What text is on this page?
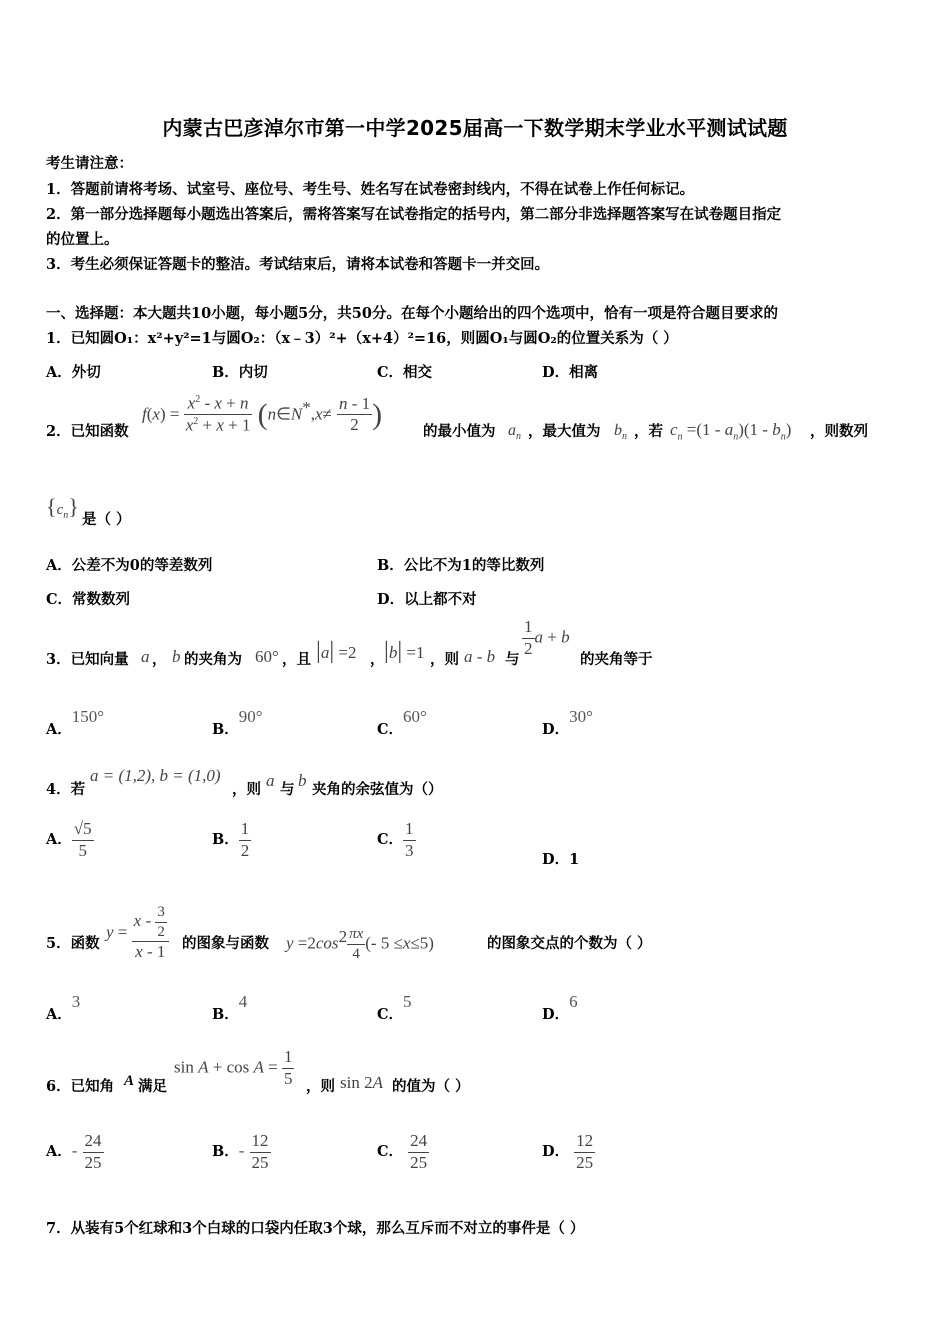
内蒙古巴彦淖尔市第一中学2025届高一下数学期末学业水平测试试题
考生请注意：
1．答题前请将考场、试室号、座位号、考生号、姓名写在试卷密封线内，不得在试卷上作任何标记。
2．第一部分选择题每小题选出答案后，需将答案写在试卷指定的括号内，第二部分非选择题答案写在试卷题目指定
的位置上。
3．考生必须保证答题卡的整洁。考试结束后，请将本试卷和答题卡一并交回。
一、选择题：本大题共10小题，每小题5分，共50分。在每个小题给出的四个选项中，恰有一项是符合题目要求的
1．已知圆O₁：x²+y²=1与圆O₂：（x﹣3）²+（x+4）²=16，则圆O₁与圆O₂的位置关系为（ ）
A．外切	B．内切	C．相交	D．相离
2．已知函数
$f(x) = \frac{x^2 - x + n}{x^2 + x + 1}$ (n∈N*,x≠ $\frac{n - 1}{2}$ )
的最小值为 $a_n$ ，最大值为 $b_n$ ，若 $c_n =(1 - a_n)(1 - b_n)$ ，则数列
$\{c_n\}$
是（ ）
A．公差不为0的等差数列	B．公比不为1的等比数列
C．常数数列	D．以上都不对
3．已知向量 a ， b 的夹角为 60° ，且 |a| =2 ， |b| =1 ，则 a - b 与
$\frac{1}{2}$ a + b
的夹角等于
A．150°
B．90°
C．60°
D．30°
4．若
a = (1,2), b = (1,0)
，则 a 与 b 夹角的余弦值为（）
A． $\frac{√5}{5}$	B． $\frac{1}{2}$	C． $\frac{1}{3}$	D．1
5．函数
$y = \frac{x - \frac{3}{2}}{x - 1}$ 的图象与函数 $y =2\cos^2 \frac{\pi x}{4}$ (- 5 ≤x≤5)	的图象交点的个数为（ ）
A．3
B．4
C．5
D．6
6．已知角 A 满足
$\sin A + \cos A = \frac{1}{5}$ ，则 sin 2A 的值为（ ）
A．- $\frac{24}{25}$	B．- $\frac{12}{25}$	C． $\frac{24}{25}$	D． $\frac{12}{25}$
7．从装有5个红球和3个白球的口袋内任取3个球，那么互斥而不对立的事件是（ ）
